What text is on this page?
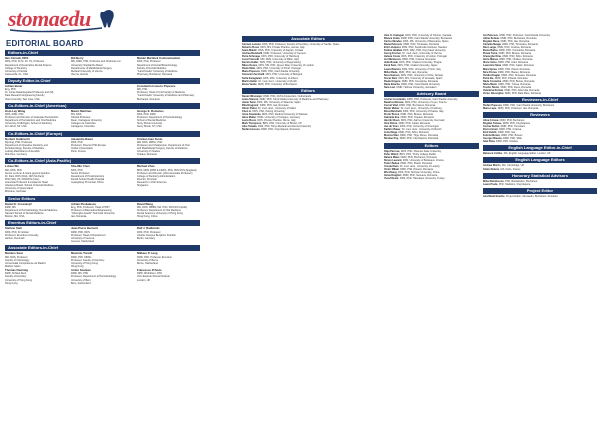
stomaedu
EDITORIAL BOARD
Editors-in-Chief
Ilan Carmeli, DDS
DDS, PhD, Dr.hc, Dr. Hc, Professor
Department of Restorative Dental Science
College of Dentistry
University of Florida
Gainesville, FL, USA
Bill Berry
MD, DMD, PhD, Professor and Chairman em.
University Hospital De Basel
Departments of Maxillofacial Surgery
Medical University of Vienna
Vienna, Austria
Marian Martinek Communication
DDS, PhD, Professor
Department of Dental Biotechnology
Faculty of Dental Medicine
"Carol Davila" University of Medicine
Pharmacy, Bucharest, Romania
Deputy Editor-in-Chief
Adrian Buzar
Eng, PhD
Dr. Jonas Dataintegrated Professor and (M)
Data Research Engineering Faculty
Vliet University, San Jose, USA
Constantin Ionescu Popescu
MD, PhD
Professor, Head of Unit Faculty of Medicine
"Carol Davila" University of Medicine and Pharmacy
Bucharest, Romania
Co-Editors-in-Chief (Americas)
Hom-Lay Wang
DDS, MSD, PhD
Professor and Director of Graduate Periodontics
Department of Periodontics and Oral Medicine
University of Michigan, School of Dentistry
Ann Arbor, MI, USA
Mauro Martinez
MS, DDS
Clinical Professor
Dean, Cartagena University
Colleges de Colombia
Cartagena, Colombia
George E. Romanos
DDS, PhD, DMD
Professor, Department of Periodontology
School of Dental Medicine
Stony Brook University
Stony Brook, NY, USA
Co-Editors-in-Chief (Europe)
Norbert Gutknecht
Dip Eng, PhD, Professor
Department of Operative Dentistry and
Periodontology, Faculty of Medicine
Ludwig-Maximilians-Universität
München, Germany
Alexandre Ravel
DDS, PhD
Professor, Director PhD Europe
Institut Universitaire
Paris, France
Cristian Ioan Funiu
MD, DDS, MMSc, PhD
Professor and Chairperson, Department of Oral
and Maxillofacial Surgery, Faculty of Medicine
University of Oradea
Oradea, Romania
Co-Editors-in-Chief (Asia-Pacific)
Li-Hua Wu
MD, DDS, PhD
Senior Lecturer & Ivana general practice
Dr. Dani, DDS (Dist), DM (SA Dent)
PhD (Sid), Ph, FRACDS (Inter)
Associate Professor & Academic Head
Infectious Board, School of Dental Medicine
University of Queensland
Brisbane, Australia
Shu-Min Chen
DDS, PhD
Senior Professor
Department of Prosthodontics
Dental School Health Hospital
Guangdong Provincial, China
Michael Zhao
BDS, MDS (MDS & FIMO), PhD, FDS RCS (England)
Professor and Director (Joint Associate Professor)
College of Dentistry Administration
Director, Principal
Research in Oral Sciences
Singapore
Senior Editors
Daniel E. Grosskopf
DMD, MS
Department of Periodontology, Dental Medicine
Harvard School of Dental Medicine
Boston, MA, USA
Adrian Puskalescu
Eng, PhD, Professor, Head of PMT
Professor of Biomedical Engineering
"Gheorghe Asachi" Technical University
Iasi, Romania
David Wang
MD, DDS, MBBS, MA, PhD, FDS RCS (Edin)
Professor, Department of Oral Medicine
Dental Sciences University of Hong Kong
Hong Kong, China
Emeritus Editors-in-Chief
Stefano Sieli
DDS, PhD, Dr Global
Professor, Emeritus University
Aarhus, Denmark
Jean-Pierre Bernard
DMD, PhD, DDS
Professor, Head of Department
University of Geneva
Geneva, Switzerland
Ralf J. Radlanski
DDS, PhD, Professor
Charité Campus Benjamin Franklin
Berlin, Germany
Associate Editors-in-Chief
Mariano Sanz
MD, DDS, Professor
Faculty of Odontology
Universidad Complutense de Madrid
Madrid, Spain
Maurizio Tonetti
DMD, PhD, MMSc
Professor, Faculty of Dentistry
University of Hong Kong
Hong Kong
Niklaus P. Lang
DMD, PhD, Professor Emeritus
University of Berne
Berne, Switzerland
Thomas Flemmig
DMD, Dr.Med.Dent.
Faculty of Dentistry
University of Hong Kong
Hong Kong
Anton Sculean
DMD, MS, PhD
Professor, Department of Periodontology
University of Bern
Bern, Switzerland
Francesco D'Aiuto
DMD, MClinDent, PhD
UCL Eastman Dental Institute
London, UK
Associate Editors
Carmen Lozano, DDS, PhD, Professor, Faculty of Dentistry, University of Seville, Spain
Roberto Rossi, DDS, MS, Private Practice, Genoa, Italy
Ivana Miletic, DDS, PhD, University of Zagreb, Croatia
Andrea Mombelli, DMD, Professor, University of Geneva
Petra Schmage, DDS, PhD, University of Hamburg
Luca Francetti, MD, DDS, University of Milan, Italy
Kerstin Galler, DDS, PhD, University of Regensburg
Nikos Donos, DDS, MS, PhD, Queen Mary University of London
Paulo Melo, DDS, PhD, University of Porto, Portugal
Maria Popescu, DMD, PhD, Carol Davila University
Giovanni Zucchelli, DDS, PhD, University of Bologna
Sofia Karagianni, DDS, MSc, University of Athens
Martin Heller, Dr. med. dent., University of Zurich
Elena Vasile, DMD, PhD, University of Bucharest
Editors
Daniel Wismeijer, DMD, PhD, ACTA Amsterdam, Netherlands
Ioana Stanciu, DMD, PhD, Carol Davila University of Medicine and Pharmacy
Javier Sanz, DDS, MS, University of Valencia, Spain
Rita Dragomir, DMD, PhD, Iasi, Romania
Oliver Pabst, Dr. med. dent., University of Mainz
Chen Li, DDS, PhD, Peking University
Anna Kowalska, DDS, PhD, Medical University of Warsaw
Hans Muller, DMD, University of Cologne, Germany
Lucia Rossi, DDS, Private Practice, Rome, Italy
Mark Thompson, BDS, PhD, University of Bristol, UK
Aiko Tanaka, DDS, PhD, Tokyo Medical and Dental University
Stefan Ionescu, DMD, PhD, Cluj-Napoca, Romania
Alex G. Cadogan, DDS, PhD, University of Toronto, Canada
Bianca Ionita, DMD, PhD, Carol Davila University, Bucharest
Carlos Mendez, DDS, MS, University of Barcelona, Spain
Diana Petrescu, DMD, PhD, Timisoara, Romania
Erik Lindqvist, DDS, PhD, Karolinska Institutet, Sweden
Fatima Haddad, BDS, MSc, PhD, King Saud University
Georg Fischer, Dr. med. dent., University of Vienna
Helena Costa, DDS, PhD, University of Lisbon, Portugal
Ion Marinescu, DMD, PhD, Craiova, Romania
Julia Novak, DDS, PhD, Charles University, Prague
Kenji Sato, DDS, PhD, Osaka University, Japan
Laura Bianchi, DDS, PhD, University of Turin, Italy
Mihai Radu, DMD, PhD, Iasi, Romania
Nora Hansen, DDS, PhD, University of Oslo, Norway
Oscar Ruiz, DDS, MS, University of Granada, Spain
Paula Grigore, DMD, PhD, Constanta, Romania
Radu Enache, DMD, PhD, Carol Davila University
Sara Levi, DMD, Hebrew University, Jerusalem
Advisory Board
Andrei Constantin, DMD, PhD, Professor, Carol Davila University
Beatrice Moreau, DDS, PhD, University of Lyon, France
Cornel Vlad, DMD, PhD, Bucharest, Romania
Dieter Weber, Dr. med. dent., University of Freiburg
Elisa Marchetti, DDS, PhD, University of Padua, Italy
Florin Stoica, DMD, PhD, Brasov, Romania
Gabriela Ene, DMD, PhD, Oradea, Romania
Henrik Olsen, DDS, PhD, Aarhus University, Denmark
Irina Dobre, DMD, PhD, Galati, Romania
Jan de Vries, DDS, PhD, University of Groningen
Kathrin Bauer, Dr. med. dent., University of Munich
Liviu Moga, DMD, PhD, Sibiu, Romania
Monica Stan, DMD, PhD, Tirgu Mures, Romania
Nicolae Pop, DMD, PhD, Cluj-Napoca, Romania
Editors
Olga Petrova, DDS, PhD, Moscow State University
Peter Walsh, BDS, PhD, Trinity College Dublin
Raluca Matei, DMD, PhD, Bucharest, Romania
Simon Laurent, DDS, University of Bordeaux, France
Tudor Badea, DMD, PhD, Pitesti, Romania
Ursula Klein, Dr. med. dent., University of Leipzig
Victor Mihail, DMD, PhD, Ploiesti, Romania
Wei Zhang, DDS, PhD, Sichuan University, China
Xenia Draghici, DMD, PhD, Suceava, Romania
Yusuf Demir, DDS, PhD, Hacettepe University, Turkey
Ion Petrescu, DMD, PhD, Professor, Carol Davila University
Adina Serban, DMD, PhD, Bucharest, Romania
Bogdan Rusu, DMD, PhD, Iasi, Romania
Camelia Neagu, DMD, PhD, Timisoara, Romania
Dan Lungu, DMD, PhD, Craiova, Romania
Elena Barbu, DMD, PhD, Constanta, Romania
Flavia Toma, DMD, PhD, Brasov, Romania
Gheorghe Dinu, DMD, PhD, Sibiu, Romania
Horia Manea, DMD, PhD, Oradea, Romania
Ilinca Voicu, DMD, PhD, Arad, Romania
Laurentiu Sima, DMD, PhD, Galati, Romania
Mara Oprea, DMD, PhD, Pitesti, Romania
Nicu Florea, DMD, PhD, Bacau, Romania
Ovidiu Dragan, DMD, PhD, Suceava, Romania
Petra Ilie, DMD, PhD, Ploiesti, Romania
Radu Costache, DMD, PhD, Buzau, Romania
Silvia Marin, DMD, PhD, Tulcea, Romania
Teodor Nistor, DMD, PhD, Deva, Romania
Valentina Roman, DMD, PhD, Alba Iulia, Romania
Victor Gheorghiu, DMD, PhD, Baia Mare, Romania
Reviewers-in-Chief
Stefan Popescu, DMD, PhD, Carol Davila University, Bucharest
Maria Lupu, DMD, PhD, Professor, Iasi, Romania
Reviewers
Alina Cristea, DMD, PhD, Bucharest
Bogdan Tanase, DMD, PhD, Cluj-Napoca
Corina Stefan, DMD, PhD, Timisoara
Dorin Avram, DMD, PhD, Craiova
Emil Zamfir, DMD, PhD, Iasi
Felicia Moraru, DMD, PhD, Brasov
George Olteanu, DMD, PhD, Sibiu
Iulia Pana, DMD, PhD, Oradea
English Language Editor-in-Chief
Rebecca Collins, MA, English Language Editor, London, UK
English Language Editors
Andrew Morris, MA, Cambridge, UK
Claire Dubois, MA, Paris, France
Honorary Statistical Advisors
Mihai Dumitrescu, PhD, Biostatistics, Bucharest
Laura Preda, PhD, Statistics, Cluj-Napoca
Project Editor
Ana Maria Enache, Project Editor, Stomaedu, Bucharest, Romania
